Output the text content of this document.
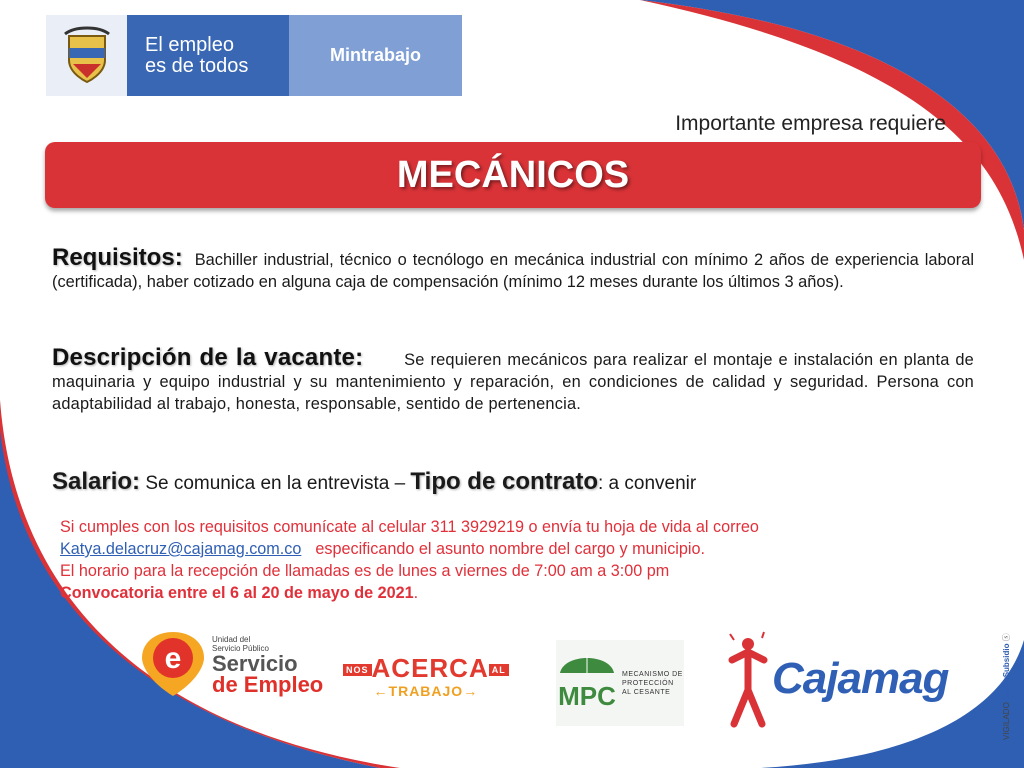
El empleo
es de todos	Mintrabajo
Importante empresa requiere
MECÁNICOS
Requisitos: Bachiller industrial, técnico o tecnólogo en mecánica industrial con mínimo 2 años de experiencia laboral (certificada), haber cotizado en alguna caja de compensación (mínimo 12 meses durante los últimos 3 años).
Descripción de la vacante: Se requieren mecánicos para realizar el montaje e instalación en planta de maquinaria y equipo industrial y su mantenimiento y reparación, en condiciones de calidad y seguridad. Persona con adaptabilidad al trabajo, honesta, responsable, sentido de pertenencia.
Salario: Se comunica en la entrevista – Tipo de contrato: a convenir
Si cumples con los requisitos comunícate al celular 311 3929219 o envía tu hoja de vida al correo
Katya.delacruz@cajamag.com.co especificando el asunto nombre del cargo y municipio.
El horario para la recepción de llamadas es de lunes a viernes de 7:00 am a 3:00 pm
Convocatoria entre el 6 al 20 de mayo de 2021.
e
Unidad del
Servicio Público
Servicio
de Empleo
NOS ACERCA AL
←TRABAJO→	MPC
MECANISMO DE
PROTECCIÓN
AL CESANTE Cajamag
VIGILADO SuperSubsidio ⓢ
